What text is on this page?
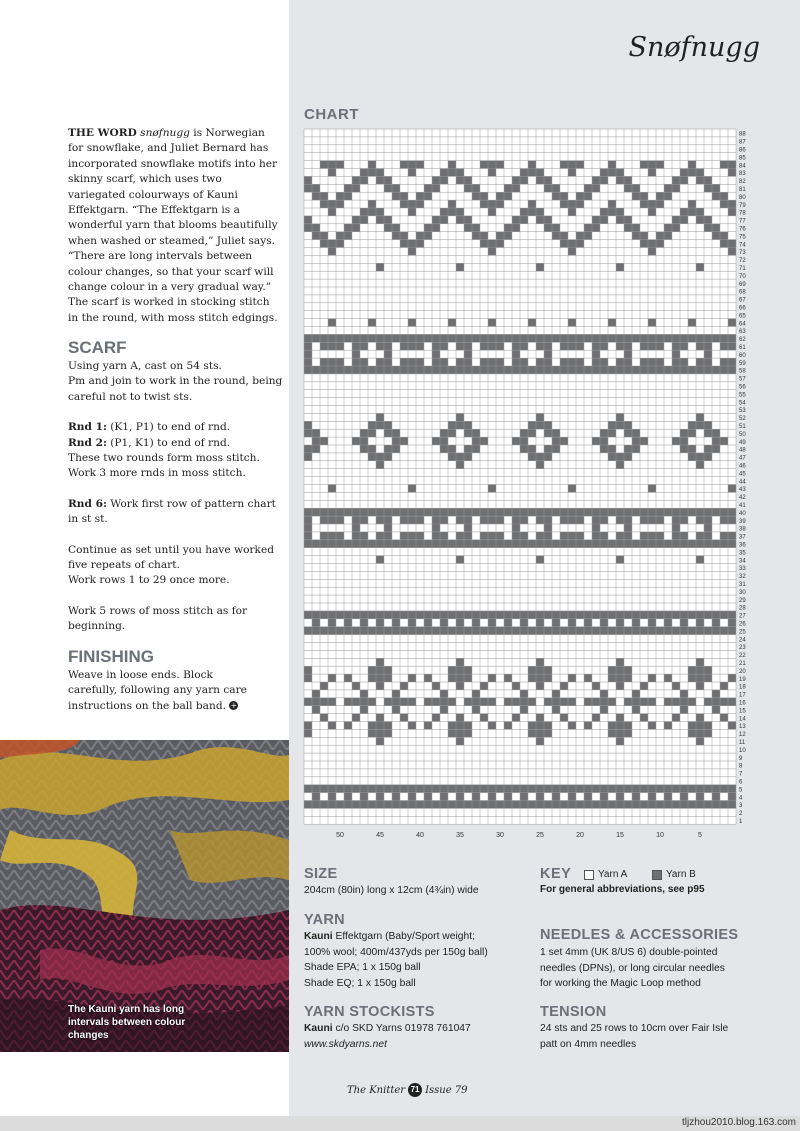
Snøfnugg
CHART
1
2
3
4
5
6
7
8
9
10
11
12
13
14
15
16
17
18
19
20
21
22
23
24
25
26
27
28
29
30
31
32
33
34
35
36
37
38
39
40
41
42
43
44
45
46
47
48
49
50
51
52
53
54
55
56
57
58
59
60
61
62
63
64
65
66
67
68
69
70
71
72
73
74
75
76
77
78
79
80
81
82
83
84
85
86
87
88
50	45	40	35	30	25	20	15	10	5

THE WORD snøfnugg is Norwegian for snowflake, and Juliet Bernard has incorporated snowflake motifs into her skinny scarf, which uses two variegated colourways of Kauni Effektgarn. “The Effektgarn is a wonderful yarn that blooms beautifully when washed or steamed,” Juliet says. “There are long intervals between colour changes, so that your scarf will change colour in a very gradual way.” The scarf is worked in stocking stitch in the round, with moss stitch edgings.

SCARF

Using yarn A, cast on 54 sts.

Pm and join to work in the round, being careful not to twist sts.

Rnd 1: (K1, P1) to end of rnd.

Rnd 2: (P1, K1) to end of rnd.

These two rounds form moss stitch.

Work 3 more rnds in moss stitch.

Rnd 6: Work first row of pattern chart in st st.

Continue as set until you have worked five repeats of chart.

Work rows 1 to 29 once more.

Work 5 rows of moss stitch as for beginning.

FINISHING

Weave in loose ends. Block carefully, following any yarn care instructions on the ball band. +

The Kauni yarn has long intervals between colour changes

KEY	Yarn A	Yarn B
For general abbreviations, see p95
SIZE

204cm (80in) long x 12cm (4¾in) wide

YARN
Kauni Effektgarn (Baby/Sport weight;
100% wool; 400m/437yds per 150g ball)
Shade EPA; 1 x 150g ball
Shade EQ; 1 x 150g ball
YARN STOCKISTS
Kauni c/o SKD Yarns 01978 761047
www.skdyarns.net
NEEDLES & ACCESSORIES
1 set 4mm (UK 8/US 6) double-pointed
needles (DPNs), or long circular needles
for working the Magic Loop method
TENSION
24 sts and 25 rows to 10cm over Fair Isle
patt on 4mm needles
The Knitter 71 Issue 79
tljzhou2010.blog.163.com
